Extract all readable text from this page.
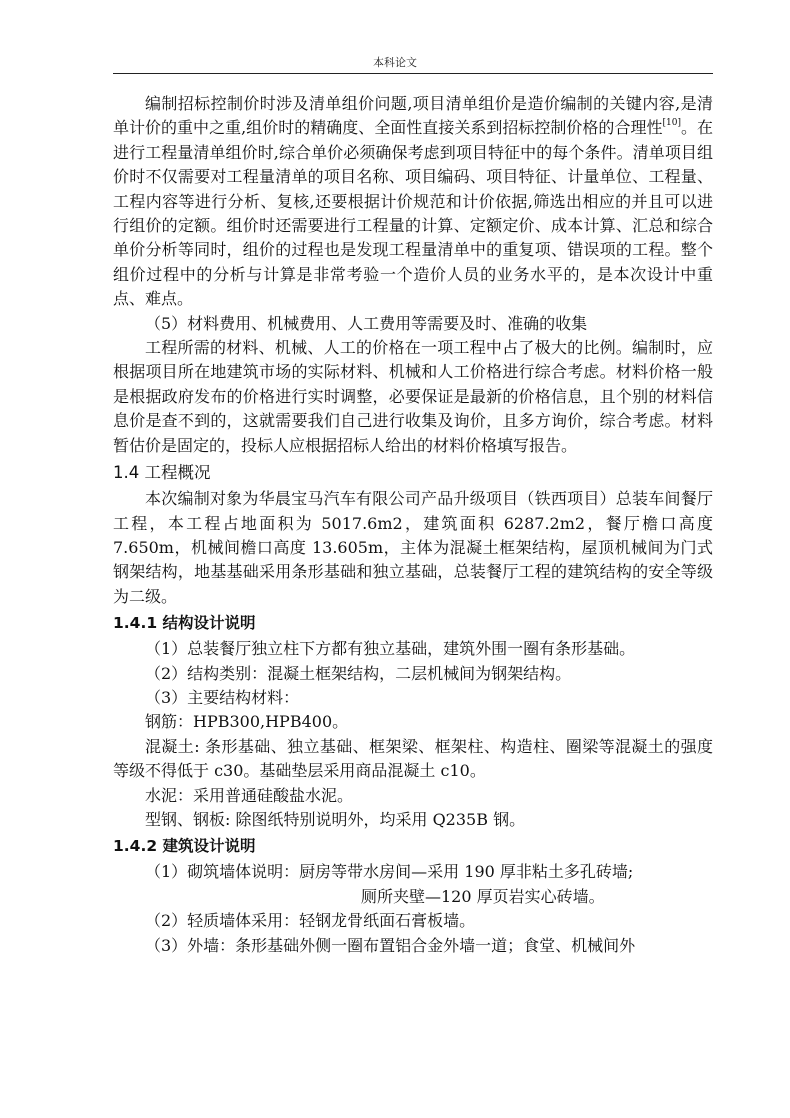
本科论文

编制招标控制价时涉及清单组价问题,项目清单组价是造价编制的关键内容,是清单计价的重中之重,组价时的精确度、全面性直接关系到招标控制价格的合理性[10]。在进行工程量清单组价时,综合单价必须确保考虑到项目特征中的每个条件。清单项目组价时不仅需要对工程量清单的项目名称、项目编码、项目特征、计量单位、工程量、工程内容等进行分析、复核,还要根据计价规范和计价依据,筛选出相应的并且可以进行组价的定额。组价时还需要进行工程量的计算、定额定价、成本计算、汇总和综合单价分析等同时，组价的过程也是发现工程量清单中的重复项、错误项的工程。整个组价过程中的分析与计算是非常考验一个造价人员的业务水平的，是本次设计中重点、难点。

（5）材料费用、机械费用、人工费用等需要及时、准确的收集

工程所需的材料、机械、人工的价格在一项工程中占了极大的比例。编制时，应根据项目所在地建筑市场的实际材料、机械和人工价格进行综合考虑。材料价格一般是根据政府发布的价格进行实时调整，必要保证是最新的价格信息，且个别的材料信息价是查不到的，这就需要我们自己进行收集及询价，且多方询价，综合考虑。材料暂估价是固定的，投标人应根据招标人给出的材料价格填写报告。

1.4 工程概况

本次编制对象为华晨宝马汽车有限公司产品升级项目（铁西项目）总装车间餐厅工程，本工程占地面积为 5017.6m2，建筑面积 6287.2m2，餐厅檐口高度 7.650m，机械间檐口高度 13.605m，主体为混凝土框架结构，屋顶机械间为门式钢架结构，地基基础采用条形基础和独立基础，总装餐厅工程的建筑结构的安全等级为二级。

1.4.1 结构设计说明

（1）总装餐厅独立柱下方都有独立基础，建筑外围一圈有条形基础。

（2）结构类别：混凝土框架结构，二层机械间为钢架结构。

（3）主要结构材料：

钢筋：HPB300,HPB400。

混凝土: 条形基础、独立基础、框架梁、框架柱、构造柱、圈梁等混凝土的强度等级不得低于 c30。基础垫层采用商品混凝土 c10。

水泥：采用普通硅酸盐水泥。

型钢、钢板: 除图纸特别说明外，均采用 Q235B 钢。

1.4.2 建筑设计说明

（1）砌筑墙体说明：厨房等带水房间—采用 190 厚非粘土多孔砖墙;

厕所夹壁—120 厚页岩实心砖墙。

（2）轻质墙体采用：轻钢龙骨纸面石膏板墙。

（3）外墙：条形基础外侧一圈布置铝合金外墙一道；食堂、机械间外
